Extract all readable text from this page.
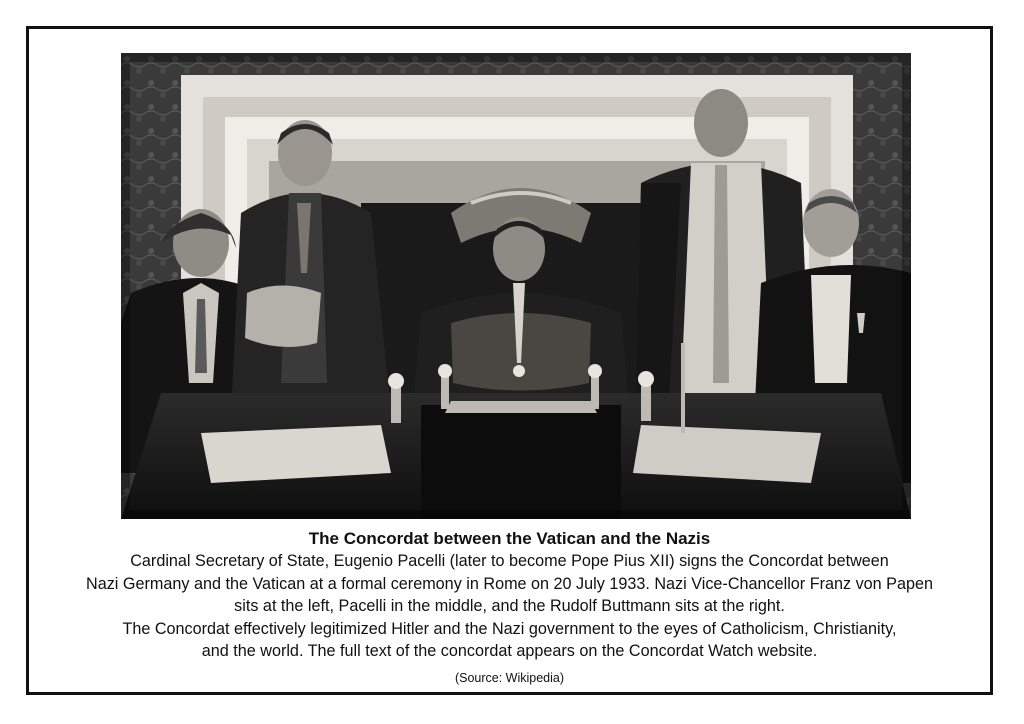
The Concordat between the Vatican and the Nazis

Cardinal Secretary of State, Eugenio Pacelli (later to become Pope Pius XII) signs the Concordat between

Nazi Germany and the Vatican at a formal ceremony in Rome on 20 July 1933. Nazi Vice-Chancellor Franz von Papen

sits at the left, Pacelli in the middle, and the Rudolf Buttmann sits at the right.

The Concordat effectively legitimized Hitler and the Nazi government to the eyes of Catholicism, Christianity,

and the world. The full text of the concordat appears on the Concordat Watch website.

(Source: Wikipedia)
